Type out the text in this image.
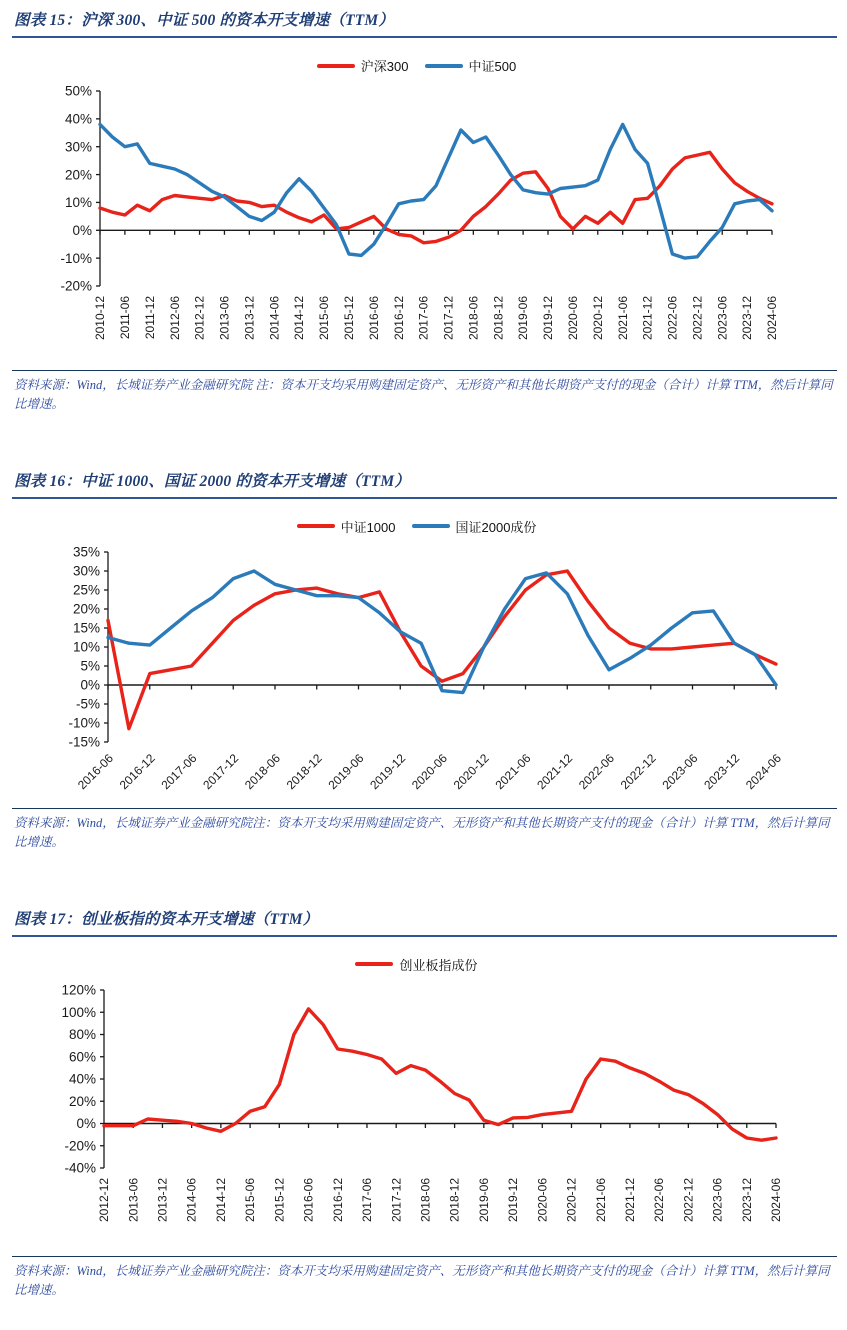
图表 15：沪深 300、中证 500 的资本开支增速（TTM）
沪深300	中证500
50%
40%
30%
20%
10%
0%
-10%
-20%
2010-12 2011-06 2011-12 2012-06 2012-12 2013-06 2013-12 2014-06 2014-12 2015-06 2015-12 2016-06 2016-12 2017-06 2017-12 2018-06 2018-12 2019-06 2019-12 2020-06 2020-12 2021-06 2021-12 2022-06 2022-12 2023-06 2023-12 2024-06
资料来源：Wind，长城证券产业金融研究院 注：资本开支均采用购建固定资产、无形资产和其他长期资产支付的现金（合计）计算 TTM，然后计算同比增速。
图表 16：中证 1000、国证 2000 的资本开支增速（TTM）
中证1000	国证2000成份
35%
30%
25%
20%
15%
10%
5%
0%
-5%
-10%
-15%
2016-06 2016-12 2017-06 2017-12 2018-06 2018-12 2019-06 2019-12 2020-06 2020-12 2021-06 2021-12 2022-06 2022-12 2023-06 2023-12 2024-06
资料来源：Wind，长城证券产业金融研究院注：资本开支均采用购建固定资产、无形资产和其他长期资产支付的现金（合计）计算 TTM，然后计算同比增速。
图表 17：创业板指的资本开支增速（TTM）
创业板指成份
120%
100%
80%
60%
40%
20%
0%
-20%
-40%
2012-12 2013-06 2013-12 2014-06 2014-12 2015-06 2015-12 2016-06 2016-12 2017-06 2017-12 2018-06 2018-12 2019-06 2019-12 2020-06 2020-12 2021-06 2021-12 2022-06 2022-12 2023-06 2023-12 2024-06
资料来源：Wind，长城证券产业金融研究院注：资本开支均采用购建固定资产、无形资产和其他长期资产支付的现金（合计）计算 TTM，然后计算同比增速。
